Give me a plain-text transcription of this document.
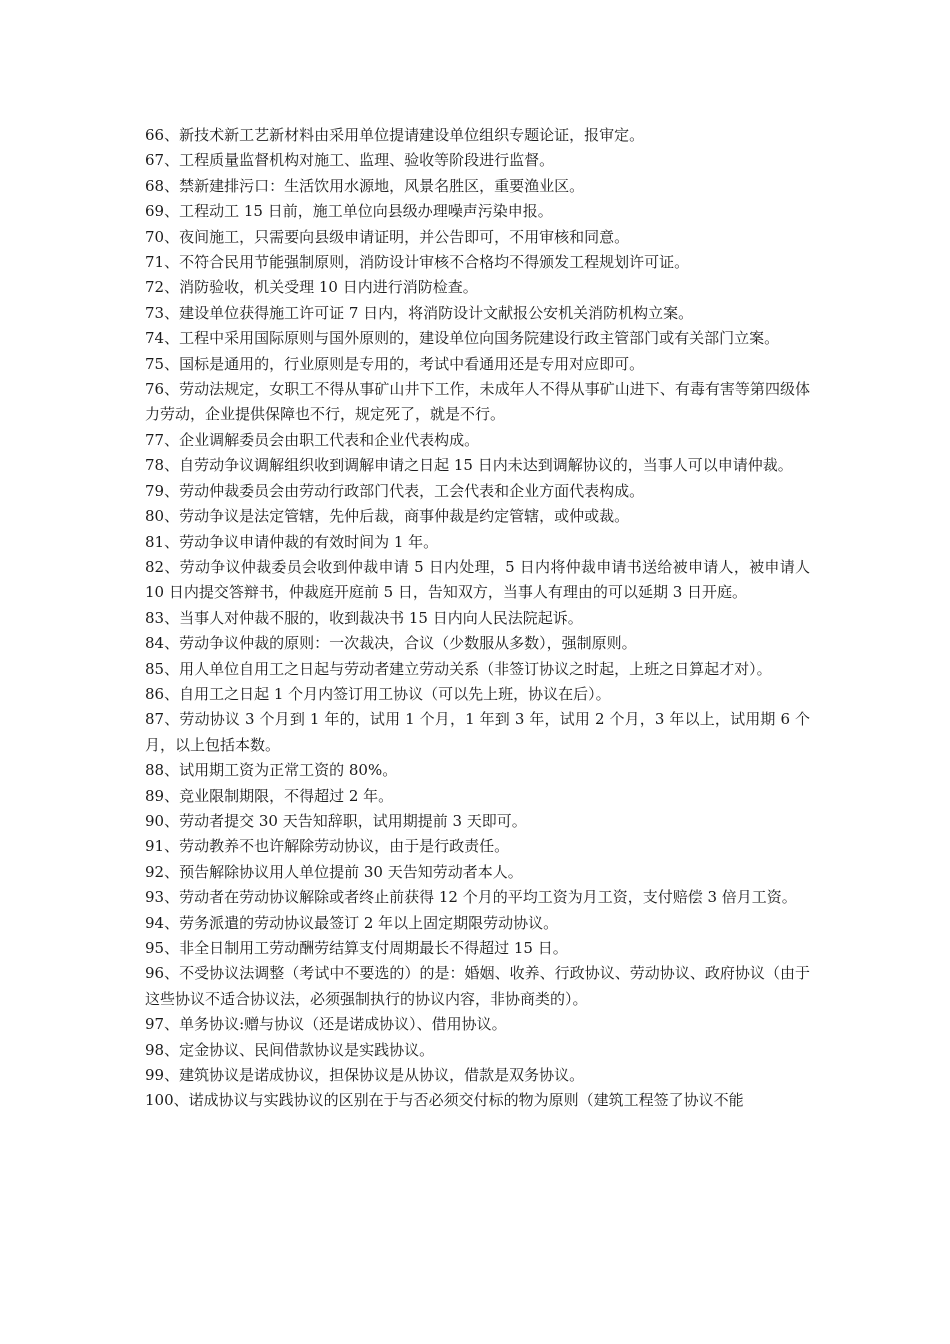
66、新技术新工艺新材料由采用单位提请建设单位组织专题论证，报审定。

67、工程质量监督机构对施工、监理、验收等阶段进行监督。

68、禁新建排污口：生活饮用水源地，风景名胜区，重要渔业区。

69、工程动工 15 日前，施工单位向县级办理噪声污染申报。

70、夜间施工，只需要向县级申请证明，并公告即可，不用审核和同意。

71、不符合民用节能强制原则，消防设计审核不合格均不得颁发工程规划许可证。

72、消防验收，机关受理 10 日内进行消防检查。

73、建设单位获得施工许可证 7 日内，将消防设计文献报公安机关消防机构立案。

74、工程中采用国际原则与国外原则的，建设单位向国务院建设行政主管部门或有关部门立案。

75、国标是通用的，行业原则是专用的，考试中看通用还是专用对应即可。

76、劳动法规定，女职工不得从事矿山井下工作，未成年人不得从事矿山进下、有毒有害等第四级体力劳动，企业提供保障也不行，规定死了，就是不行。

77、企业调解委员会由职工代表和企业代表构成。

78、自劳动争议调解组织收到调解申请之日起 15 日内未达到调解协议的，当事人可以申请仲裁。

79、劳动仲裁委员会由劳动行政部门代表，工会代表和企业方面代表构成。

80、劳动争议是法定管辖，先仲后裁，商事仲裁是约定管辖，或仲或裁。

81、劳动争议申请仲裁的有效时间为 1 年。

82、劳动争议仲裁委员会收到仲裁申请 5 日内处理，5 日内将仲裁申请书送给被申请人，被申请人 10 日内提交答辩书，仲裁庭开庭前 5 日，告知双方，当事人有理由的可以延期 3 日开庭。

83、当事人对仲裁不服的，收到裁决书 15 日内向人民法院起诉。

84、劳动争议仲裁的原则：一次裁决，合议（少数服从多数），强制原则。

85、用人单位自用工之日起与劳动者建立劳动关系（非签订协议之时起，上班之日算起才对）。

86、自用工之日起 1 个月内签订用工协议（可以先上班，协议在后）。

87、劳动协议 3 个月到 1 年的，试用 1 个月，1 年到 3 年，试用 2 个月，3 年以上，试用期 6 个月，以上包括本数。

88、试用期工资为正常工资的 80%。

89、竞业限制期限，不得超过 2 年。

90、劳动者提交 30 天告知辞职，试用期提前 3 天即可。

91、劳动教养不也许解除劳动协议，由于是行政责任。

92、预告解除协议用人单位提前 30 天告知劳动者本人。

93、劳动者在劳动协议解除或者终止前获得 12 个月的平均工资为月工资，支付赔偿 3 倍月工资。

94、劳务派遣的劳动协议最签订 2 年以上固定期限劳动协议。

95、非全日制用工劳动酬劳结算支付周期最长不得超过 15 日。

96、不受协议法调整（考试中不要选的）的是：婚姻、收养、行政协议、劳动协议、政府协议（由于这些协议不适合协议法，必须强制执行的协议内容，非协商类的）。

97、单务协议:赠与协议（还是诺成协议）、借用协议。

98、定金协议、民间借款协议是实践协议。

99、建筑协议是诺成协议，担保协议是从协议，借款是双务协议。

100、诺成协议与实践协议的区别在于与否必须交付标的物为原则（建筑工程签了协议不能
